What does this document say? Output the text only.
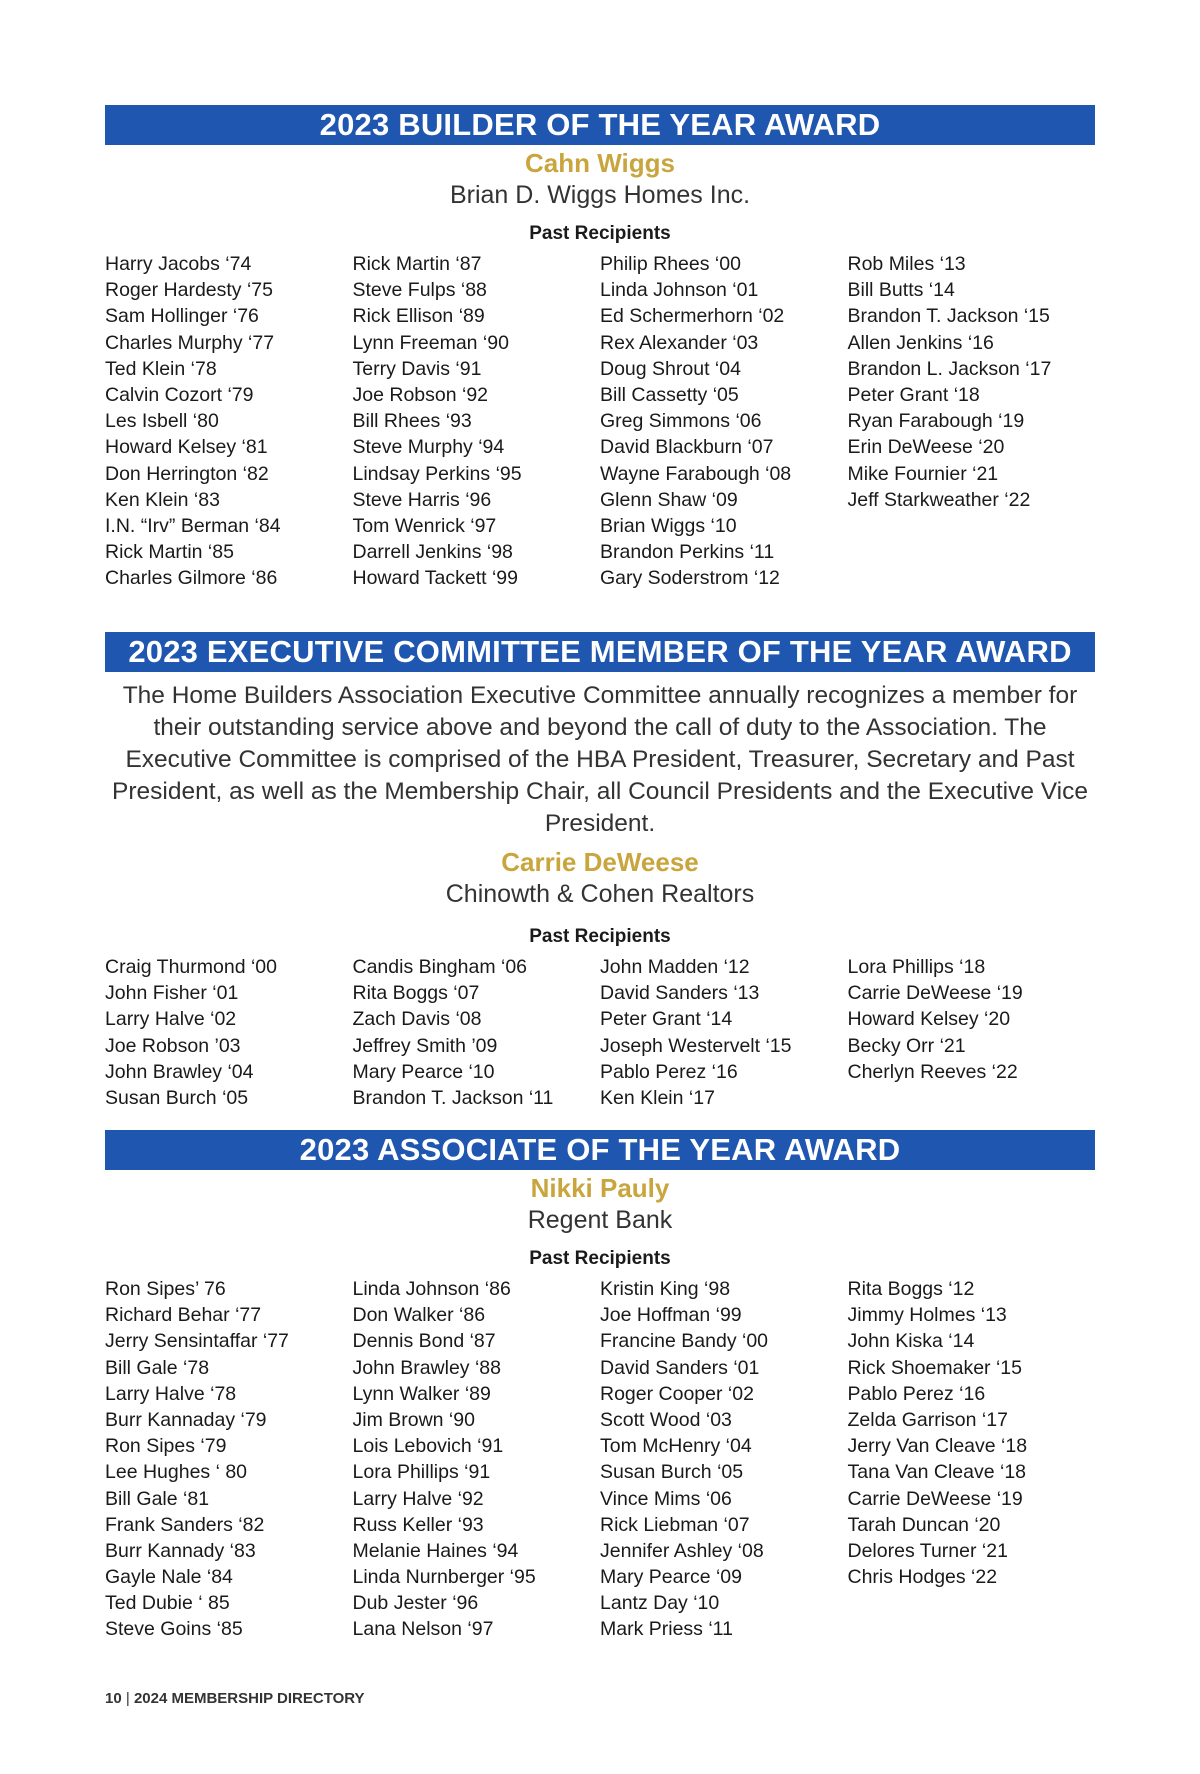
2023 BUILDER OF THE YEAR AWARD
Cahn Wiggs
Brian D. Wiggs Homes Inc.
Past Recipients
Harry Jacobs ‘74
Roger Hardesty ‘75
Sam Hollinger ‘76
Charles Murphy ‘77
Ted Klein ‘78
Calvin Cozort ‘79
Les Isbell ‘80
Howard Kelsey ‘81
Don Herrington ‘82
Ken Klein ‘83
I.N. “Irv” Berman ‘84
Rick Martin ‘85
Charles Gilmore ‘86
Rick Martin ‘87
Steve Fulps ‘88
Rick Ellison ‘89
Lynn Freeman ‘90
Terry Davis ‘91
Joe Robson ‘92
Bill Rhees ‘93
Steve Murphy ‘94
Lindsay Perkins ‘95
Steve Harris ‘96
Tom Wenrick ‘97
Darrell Jenkins ‘98
Howard Tackett ‘99
Philip Rhees ‘00
Linda Johnson ‘01
Ed Schermerhorn ‘02
Rex Alexander ‘03
Doug Shrout ‘04
Bill Cassetty ‘05
Greg Simmons ‘06
David Blackburn ‘07
Wayne Farabough ‘08
Glenn Shaw ‘09
Brian Wiggs ‘10
Brandon Perkins ‘11
Gary Soderstrom ‘12
Rob Miles ‘13
Bill Butts ‘14
Brandon T. Jackson ‘15
Allen Jenkins ‘16
Brandon L. Jackson ‘17
Peter Grant ‘18
Ryan Farabough ‘19
Erin DeWeese ‘20
Mike Fournier ‘21
Jeff Starkweather ‘22
2023 EXECUTIVE COMMITTEE MEMBER OF THE YEAR AWARD
The Home Builders Association Executive Committee annually recognizes a member for their outstanding service above and beyond the call of duty to the Association. The Executive Committee is comprised of the HBA President, Treasurer, Secretary and Past President, as well as the Membership Chair, all Council Presidents and the Executive Vice President.
Carrie DeWeese
Chinowth & Cohen Realtors
Past Recipients
Craig Thurmond ‘00
John Fisher ‘01
Larry Halve ‘02
Joe Robson ’03
John Brawley ‘04
Susan Burch ‘05
Candis Bingham ‘06
Rita Boggs ‘07
Zach Davis ‘08
Jeffrey Smith ’09
Mary Pearce ‘10
Brandon T. Jackson ‘11
John Madden ‘12
David Sanders ‘13
Peter Grant ‘14
Joseph Westervelt ‘15
Pablo Perez ‘16
Ken Klein ‘17
Lora Phillips ‘18
Carrie DeWeese ‘19
Howard Kelsey ‘20
Becky Orr ‘21
Cherlyn Reeves ‘22
2023 ASSOCIATE OF THE YEAR AWARD
Nikki Pauly
Regent Bank
Past Recipients
Ron Sipes’ 76
Richard Behar ‘77
Jerry Sensintaffar ‘77
Bill Gale ‘78
Larry Halve ‘78
Burr Kannaday ‘79
Ron Sipes ‘79
Lee Hughes ‘ 80
Bill Gale ‘81
Frank Sanders ‘82
Burr Kannady ‘83
Gayle Nale ‘84
Ted Dubie ‘ 85
Steve Goins ‘85
Linda Johnson ‘86
Don Walker ‘86
Dennis Bond ‘87
John Brawley ‘88
Lynn Walker ‘89
Jim Brown ‘90
Lois Lebovich ‘91
Lora Phillips ‘91
Larry Halve ‘92
Russ Keller ‘93
Melanie Haines ‘94
Linda Nurnberger ‘95
Dub Jester ‘96
Lana Nelson ‘97
Kristin King ‘98
Joe Hoffman ‘99
Francine Bandy ‘00
David Sanders ‘01
Roger Cooper ‘02
Scott Wood ‘03
Tom McHenry ‘04
Susan Burch ‘05
Vince Mims ‘06
Rick Liebman ‘07
Jennifer Ashley ‘08
Mary Pearce ‘09
Lantz Day ‘10
Mark Priess ‘11
Rita Boggs ‘12
Jimmy Holmes ‘13
John Kiska ‘14
Rick Shoemaker ‘15
Pablo Perez ‘16
Zelda Garrison ‘17
Jerry Van Cleave ‘18
Tana Van Cleave ‘18
Carrie DeWeese ‘19
Tarah Duncan ‘20
Delores Turner ‘21
Chris Hodges ‘22
10 | 2024 MEMBERSHIP DIRECTORY
